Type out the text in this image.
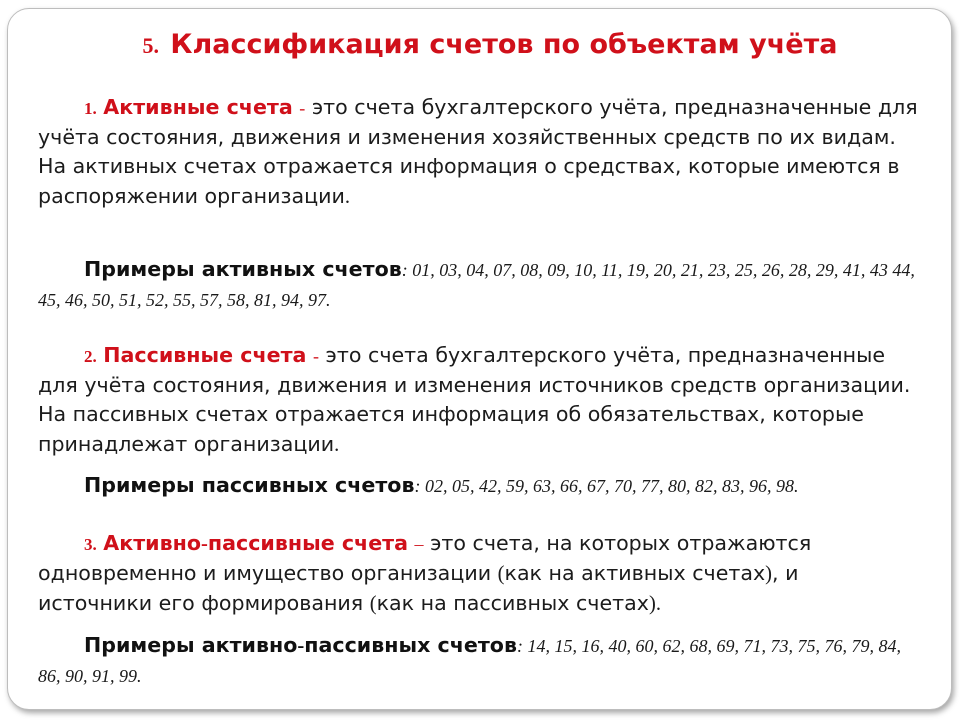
5. Классификация счетов по объектам учёта
1. Активные счета - это счета бухгалтерского учёта, предназначенные для учёта состояния, движения и изменения хозяйственных средств по их видам. На активных счетах отражается информация о средствах, которые имеются в распоряжении организации.
Примеры активных счетов: 01, 03, 04, 07, 08, 09, 10, 11, 19, 20, 21, 23, 25, 26, 28, 29, 41, 43 44, 45, 46, 50, 51, 52, 55, 57, 58, 81, 94, 97.
2. Пассивные счета - это счета бухгалтерского учёта, предназначенные для учёта состояния, движения и изменения источников средств организации. На пассивных счетах отражается информация об обязательствах, которые принадлежат организации.
Примеры пассивных счетов: 02, 05, 42, 59, 63, 66, 67, 70, 77, 80, 82, 83, 96, 98.
3. Активно-пассивные счета – это счета, на которых отражаются одновременно и имущество организации (как на активных счетах), и источники его формирования (как на пассивных счетах).
Примеры активно-пассивных счетов: 14, 15, 16, 40, 60, 62, 68, 69, 71, 73, 75, 76, 79, 84, 86, 90, 91, 99.
